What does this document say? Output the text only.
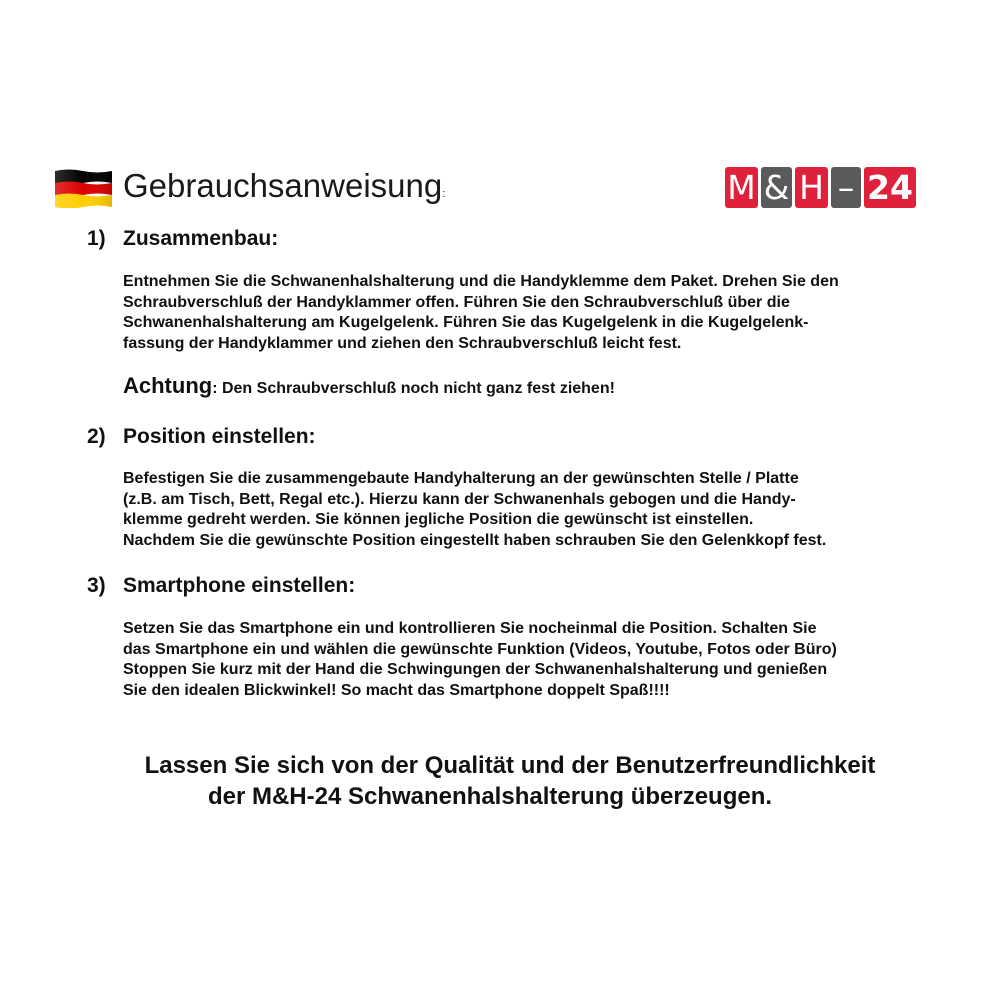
Gebrauchsanweisung:	M & H – 24
1) Zusammenbau:

Entnehmen Sie die Schwanenhalshalterung und die Handyklemme dem Paket. Drehen Sie den

Schraubverschluß der Handyklammer offen. Führen Sie den Schraubverschluß über die

Schwanenhalshalterung am Kugelgelenk. Führen Sie das Kugelgelenk in die Kugelgelenk-

fassung der Handyklammer und ziehen den Schraubverschluß leicht fest.

Achtung: Den Schraubverschluß noch nicht ganz fest ziehen!
2) Position einstellen:

Befestigen Sie die zusammengebaute Handyhalterung an der gewünschten Stelle / Platte

(z.B. am Tisch, Bett, Regal etc.). Hierzu kann der Schwanenhals gebogen und die Handy-

klemme gedreht werden. Sie können jegliche Position die gewünscht ist einstellen.

Nachdem Sie die gewünschte Position eingestellt haben schrauben Sie den Gelenkkopf fest.

3) Smartphone einstellen:

Setzen Sie das Smartphone ein und kontrollieren Sie nocheinmal die Position. Schalten Sie

das Smartphone ein und wählen die gewünschte Funktion (Videos, Youtube, Fotos oder Büro)

Stoppen Sie kurz mit der Hand die Schwingungen der Schwanenhalshalterung und genießen

Sie den idealen Blickwinkel! So macht das Smartphone doppelt Spaß!!!!

Lassen Sie sich von der Qualität und der Benutzerfreundlichkeit

der M&H-24 Schwanenhalshalterung überzeugen.
